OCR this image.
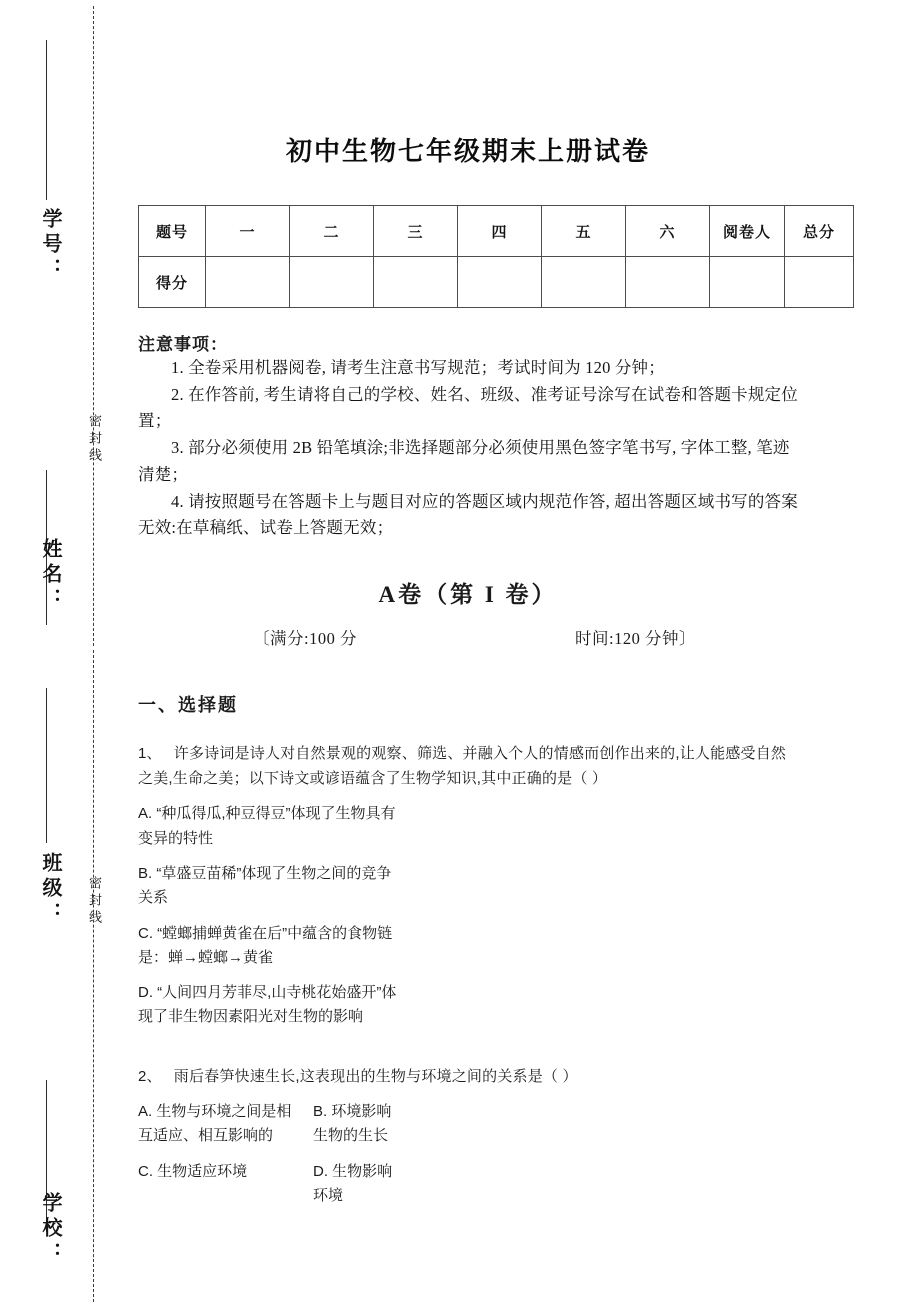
学号：
姓名：
班级：
学校：
密封线
密封线
初中生物七年级期末上册试卷
题号	一	二	三	四	五	六	阅卷人	总分
得分								
注意事项：
1. 全卷采用机器阅卷, 请考生注意书写规范；考试时间为 120 分钟；
2. 在作答前, 考生请将自己的学校、姓名、班级、准考证号涂写在试卷和答题卡规定位置；
3. 部分必须使用 2B 铅笔填涂;非选择题部分必须使用黑色签字笔书写, 字体工整, 笔迹清楚；
4. 请按照题号在答题卡上与题目对应的答题区域内规范作答, 超出答题区域书写的答案无效:在草稿纸、试卷上答题无效；
A卷（第 I 卷）
〔满分:100 分	时间:120 分钟〕
一、选择题
1、 许多诗词是诗人对自然景观的观察、筛选、并融入个人的情感而创作出来的,让人能感受自然之美,生命之美；以下诗文或谚语蕴含了生物学知识,其中正确的是（ ）
A. “种瓜得瓜,种豆得豆”体现了生物具有
变异的特性
B. “草盛豆苗稀”体现了生物之间的竞争
关系
C. “螳螂捕蝉黄雀在后”中蕴含的食物链
是：蝉→螳螂→黄雀
D. “人间四月芳菲尽,山寺桃花始盛开”体
现了非生物因素阳光对生物的影响
2、 雨后春笋快速生长,这表现出的生物与环境之间的关系是（ ）
A. 生物与环境之间是相
互适应、相互影响的
B. 环境影响
生物的生长
C. 生物适应环境	D. 生物影响
环境
